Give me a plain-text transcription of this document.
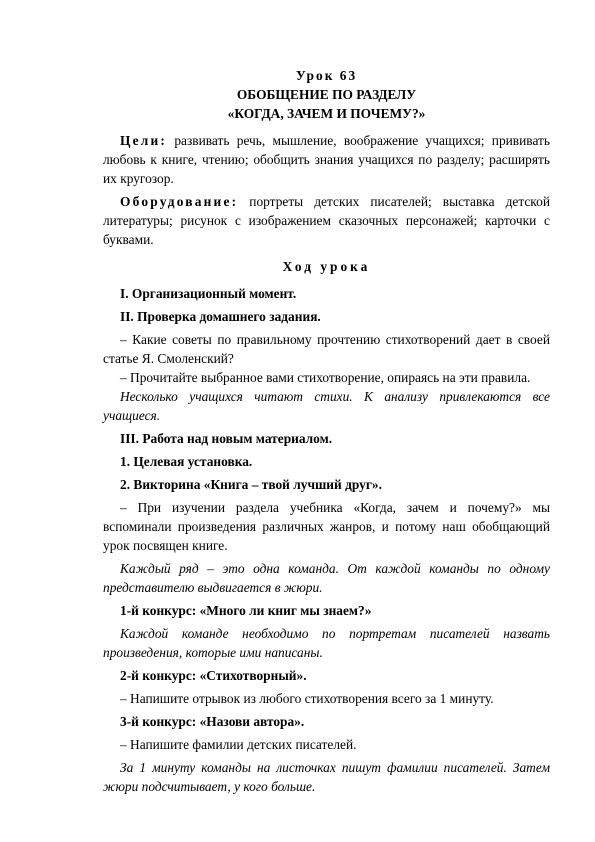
Урок 63

ОБОБЩЕНИЕ ПО РАЗДЕЛУ

«КОГДА, ЗАЧЕМ И ПОЧЕМУ?»

Цели: развивать речь, мышление, воображение учащихся; прививать любовь к книге, чтению; обобщить знания учащихся по разделу; расширять их кругозор.

Оборудование: портреты детских писателей; выставка детской литературы; рисунок с изображением сказочных персонажей; карточки с буквами.

Ход урока

I. Организационный момент.

II. Проверка домашнего задания.

– Какие советы по правильному прочтению стихотворений дает в своей статье Я. Смоленский?

– Прочитайте выбранное вами стихотворение, опираясь на эти правила.

Несколько учащихся читают стихи. К анализу привлекаются все учащиеся.

III. Работа над новым материалом.

1. Целевая установка.

2. Викторина «Книга – твой лучший друг».

– При изучении раздела учебника «Когда, зачем и почему?» мы вспоминали произведения различных жанров, и потому наш обобщающий урок посвящен книге.

Каждый ряд – это одна команда. От каждой команды по одному представителю выдвигается в жюри.

1-й конкурс: «Много ли книг мы знаем?»

Каждой команде необходимо по портретам писателей назвать произведения, которые ими написаны.

2-й конкурс: «Стихотворный».

– Напишите отрывок из любого стихотворения всего за 1 минуту.

3-й конкурс: «Назови автора».

– Напишите фамилии детских писателей.

За 1 минуту команды на листочках пишут фамилии писателей. Затем жюри подсчитывает, у кого больше.
